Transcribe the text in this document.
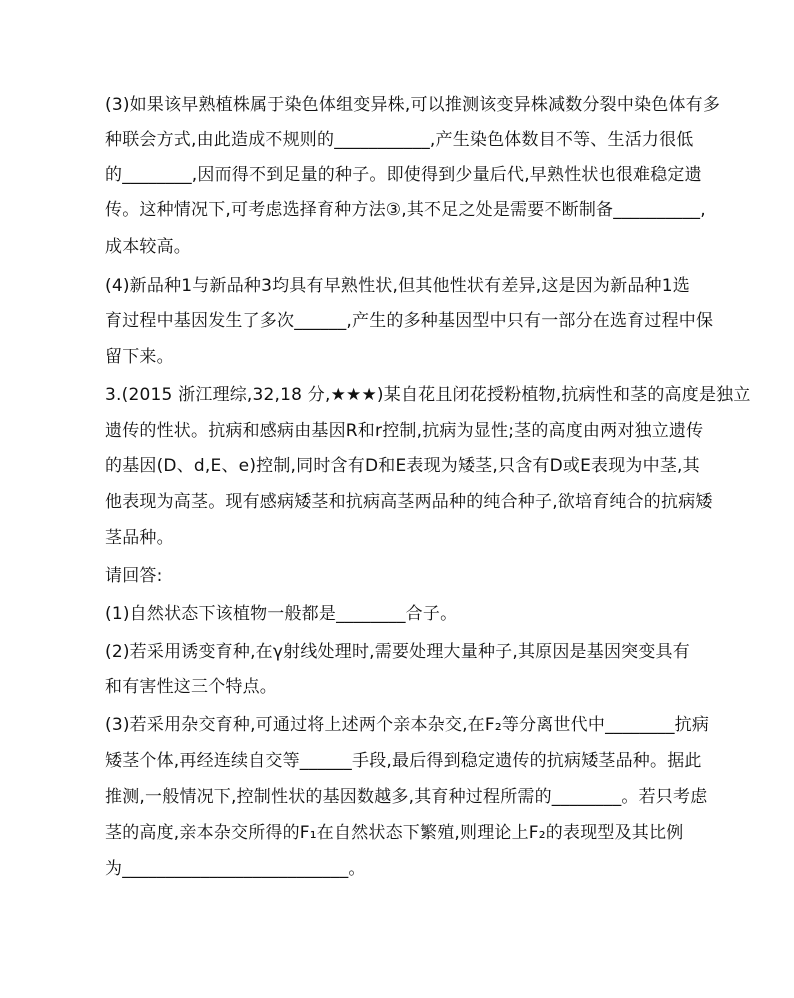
(3)如果该早熟植株属于染色体组变异株,可以推测该变异株减数分裂中染色体有多
种联会方式,由此造成不规则的___________,产生染色体数目不等、生活力很低
的________,因而得不到足量的种子。即使得到少量后代,早熟性状也很难稳定遗
传。这种情况下,可考虑选择育种方法③,其不足之处是需要不断制备__________,
成本较高。
(4)新品种1与新品种3均具有早熟性状,但其他性状有差异,这是因为新品种1选
育过程中基因发生了多次______,产生的多种基因型中只有一部分在选育过程中保
留下来。
3.(2015 浙江理综,32,18 分,★★★)某自花且闭花授粉植物,抗病性和茎的高度是独立
遗传的性状。抗病和感病由基因R和r控制,抗病为显性;茎的高度由两对独立遗传
的基因(D、d,E、e)控制,同时含有D和E表现为矮茎,只含有D或E表现为中茎,其
他表现为高茎。现有感病矮茎和抗病高茎两品种的纯合种子,欲培育纯合的抗病矮
茎品种。
请回答:
(1)自然状态下该植物一般都是________合子。
(2)若采用诱变育种,在γ射线处理时,需要处理大量种子,其原因是基因突变具有
和有害性这三个特点。
(3)若采用杂交育种,可通过将上述两个亲本杂交,在F₂等分离世代中________抗病
矮茎个体,再经连续自交等______手段,最后得到稳定遗传的抗病矮茎品种。据此
推测,一般情况下,控制性状的基因数越多,其育种过程所需的________。若只考虑
茎的高度,亲本杂交所得的F₁在自然状态下繁殖,则理论上F₂的表现型及其比例
为__________________________。
